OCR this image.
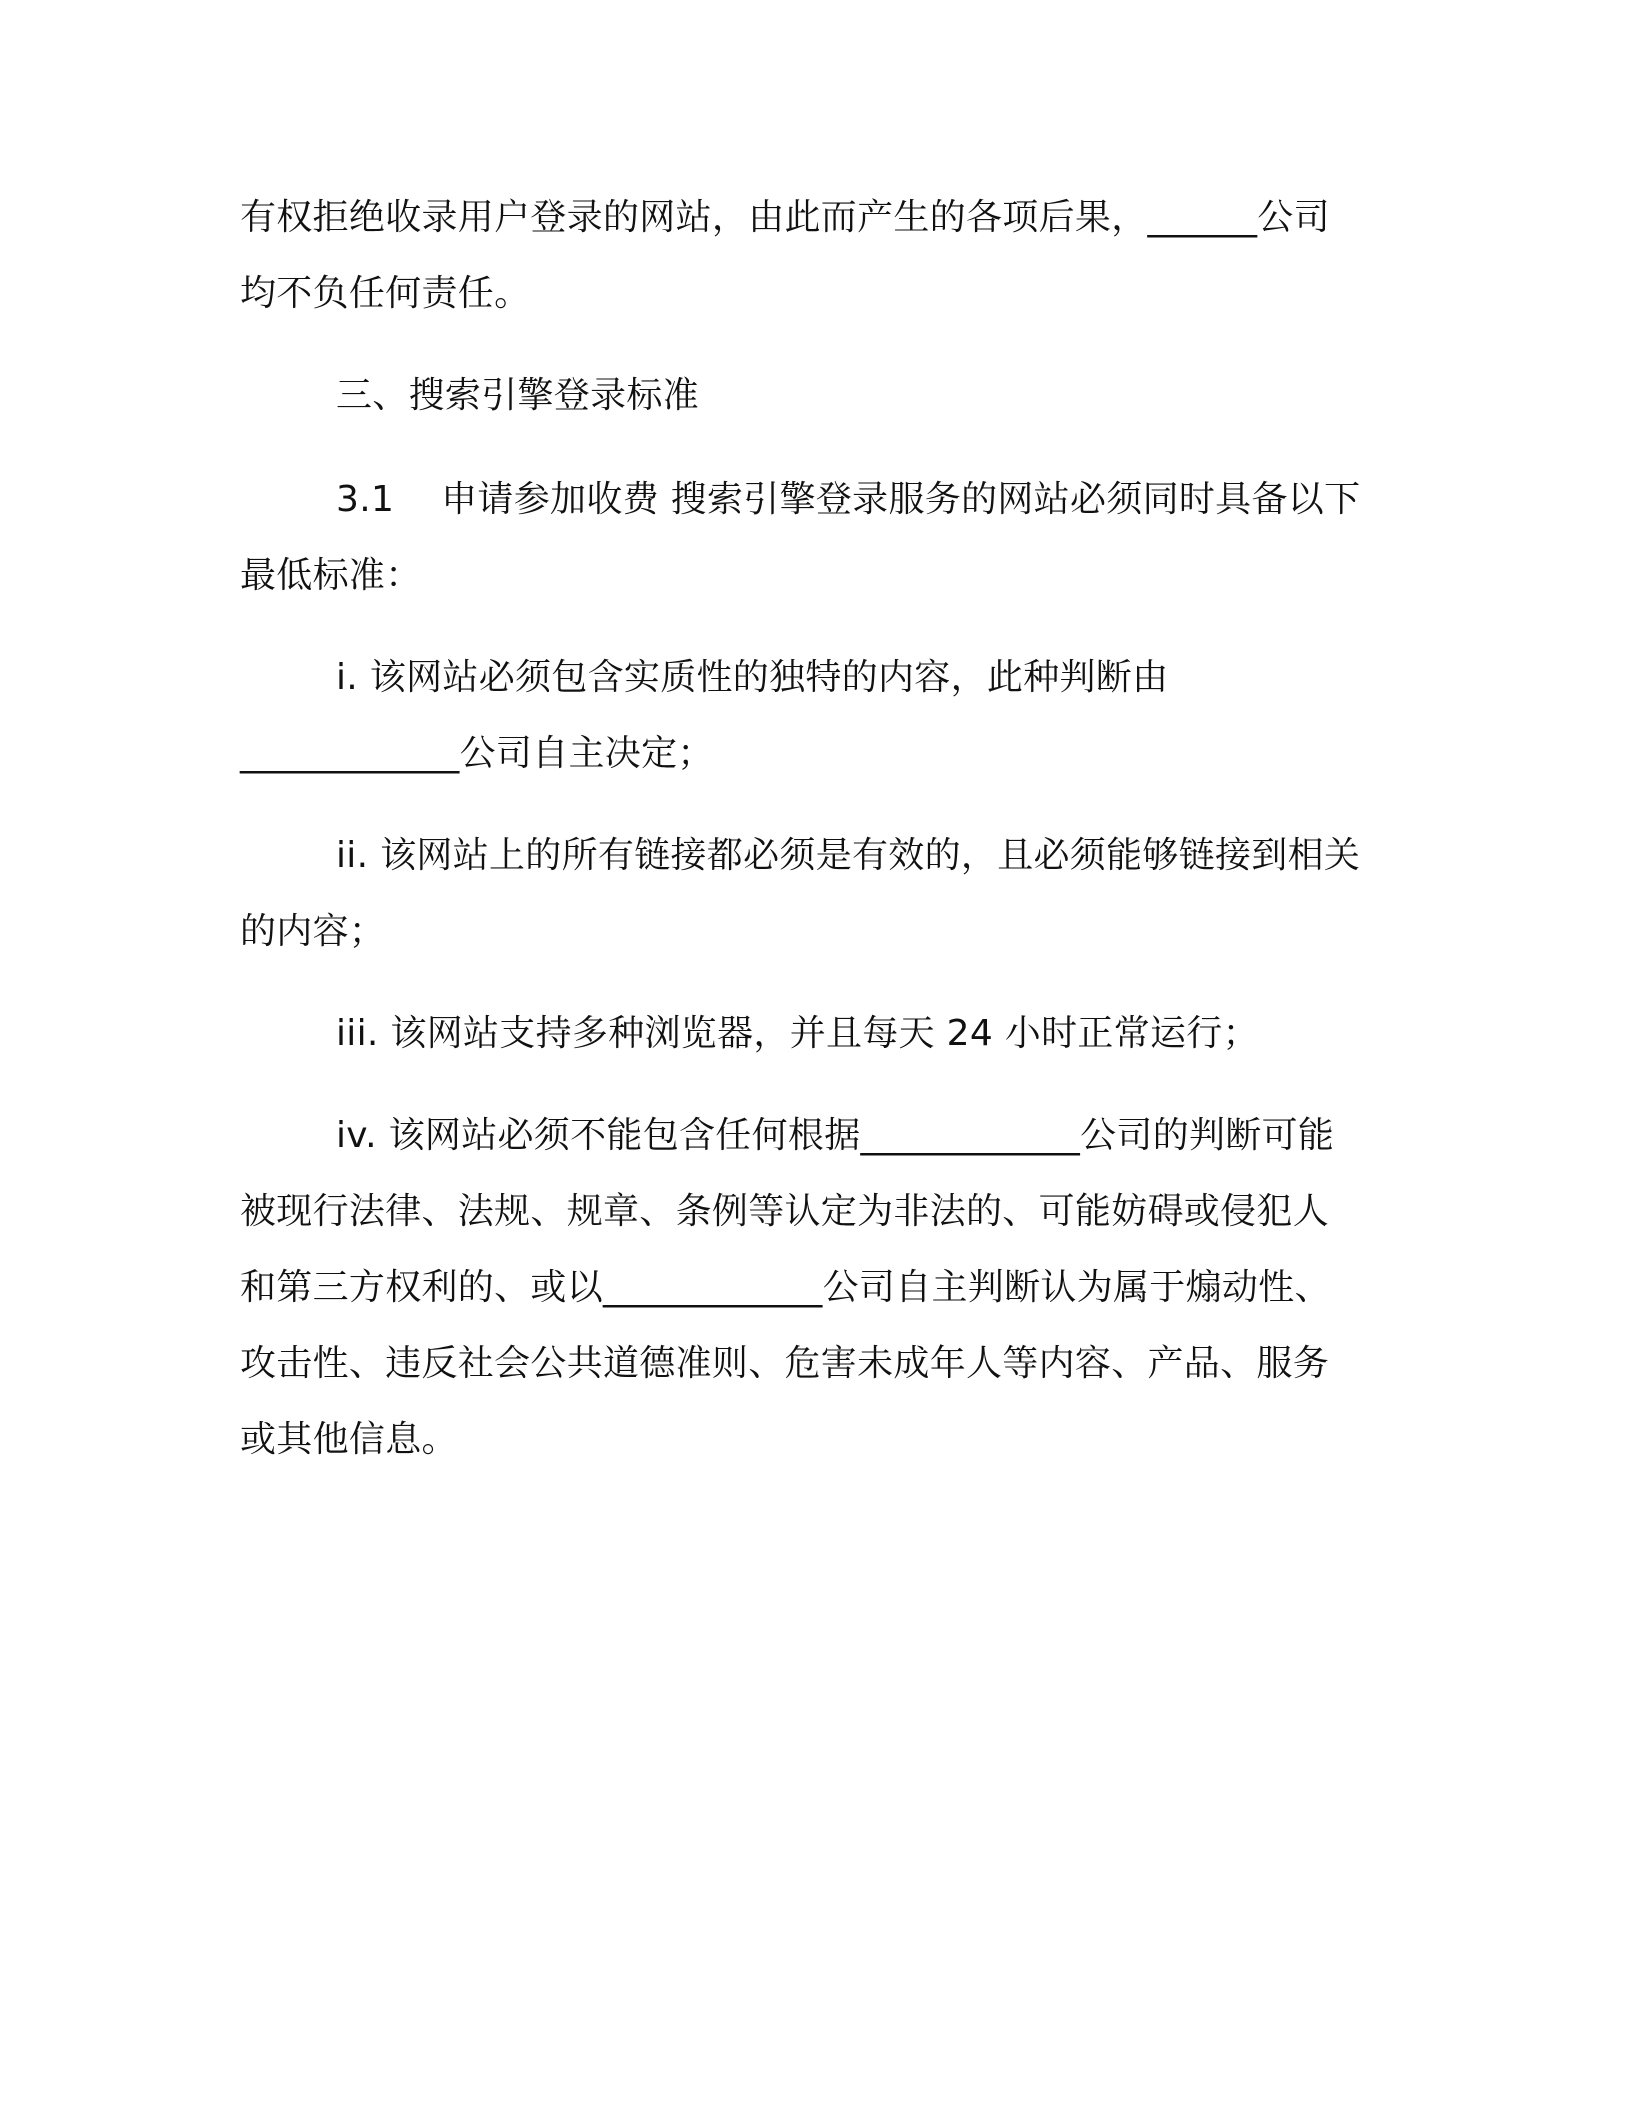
有权拒绝收录用户登录的网站，由此而产生的各项后果，______公司

均不负任何责任。

三、搜索引擎登录标准

3.1    申请参加收费 搜索引擎登录服务的网站必须同时具备以下

最低标准：

i. 该网站必须包含实质性的独特的内容，此种判断由

____________公司自主决定；

ii. 该网站上的所有链接都必须是有效的，且必须能够链接到相关

的内容；

iii. 该网站支持多种浏览器，并且每天 24 小时正常运行；

iv. 该网站必须不能包含任何根据____________公司的判断可能

被现行法律、法规、规章、条例等认定为非法的、可能妨碍或侵犯人

和第三方权利的、或以____________公司自主判断认为属于煽动性、

攻击性、违反社会公共道德准则、危害未成年人等内容、产品、服务

或其他信息。
